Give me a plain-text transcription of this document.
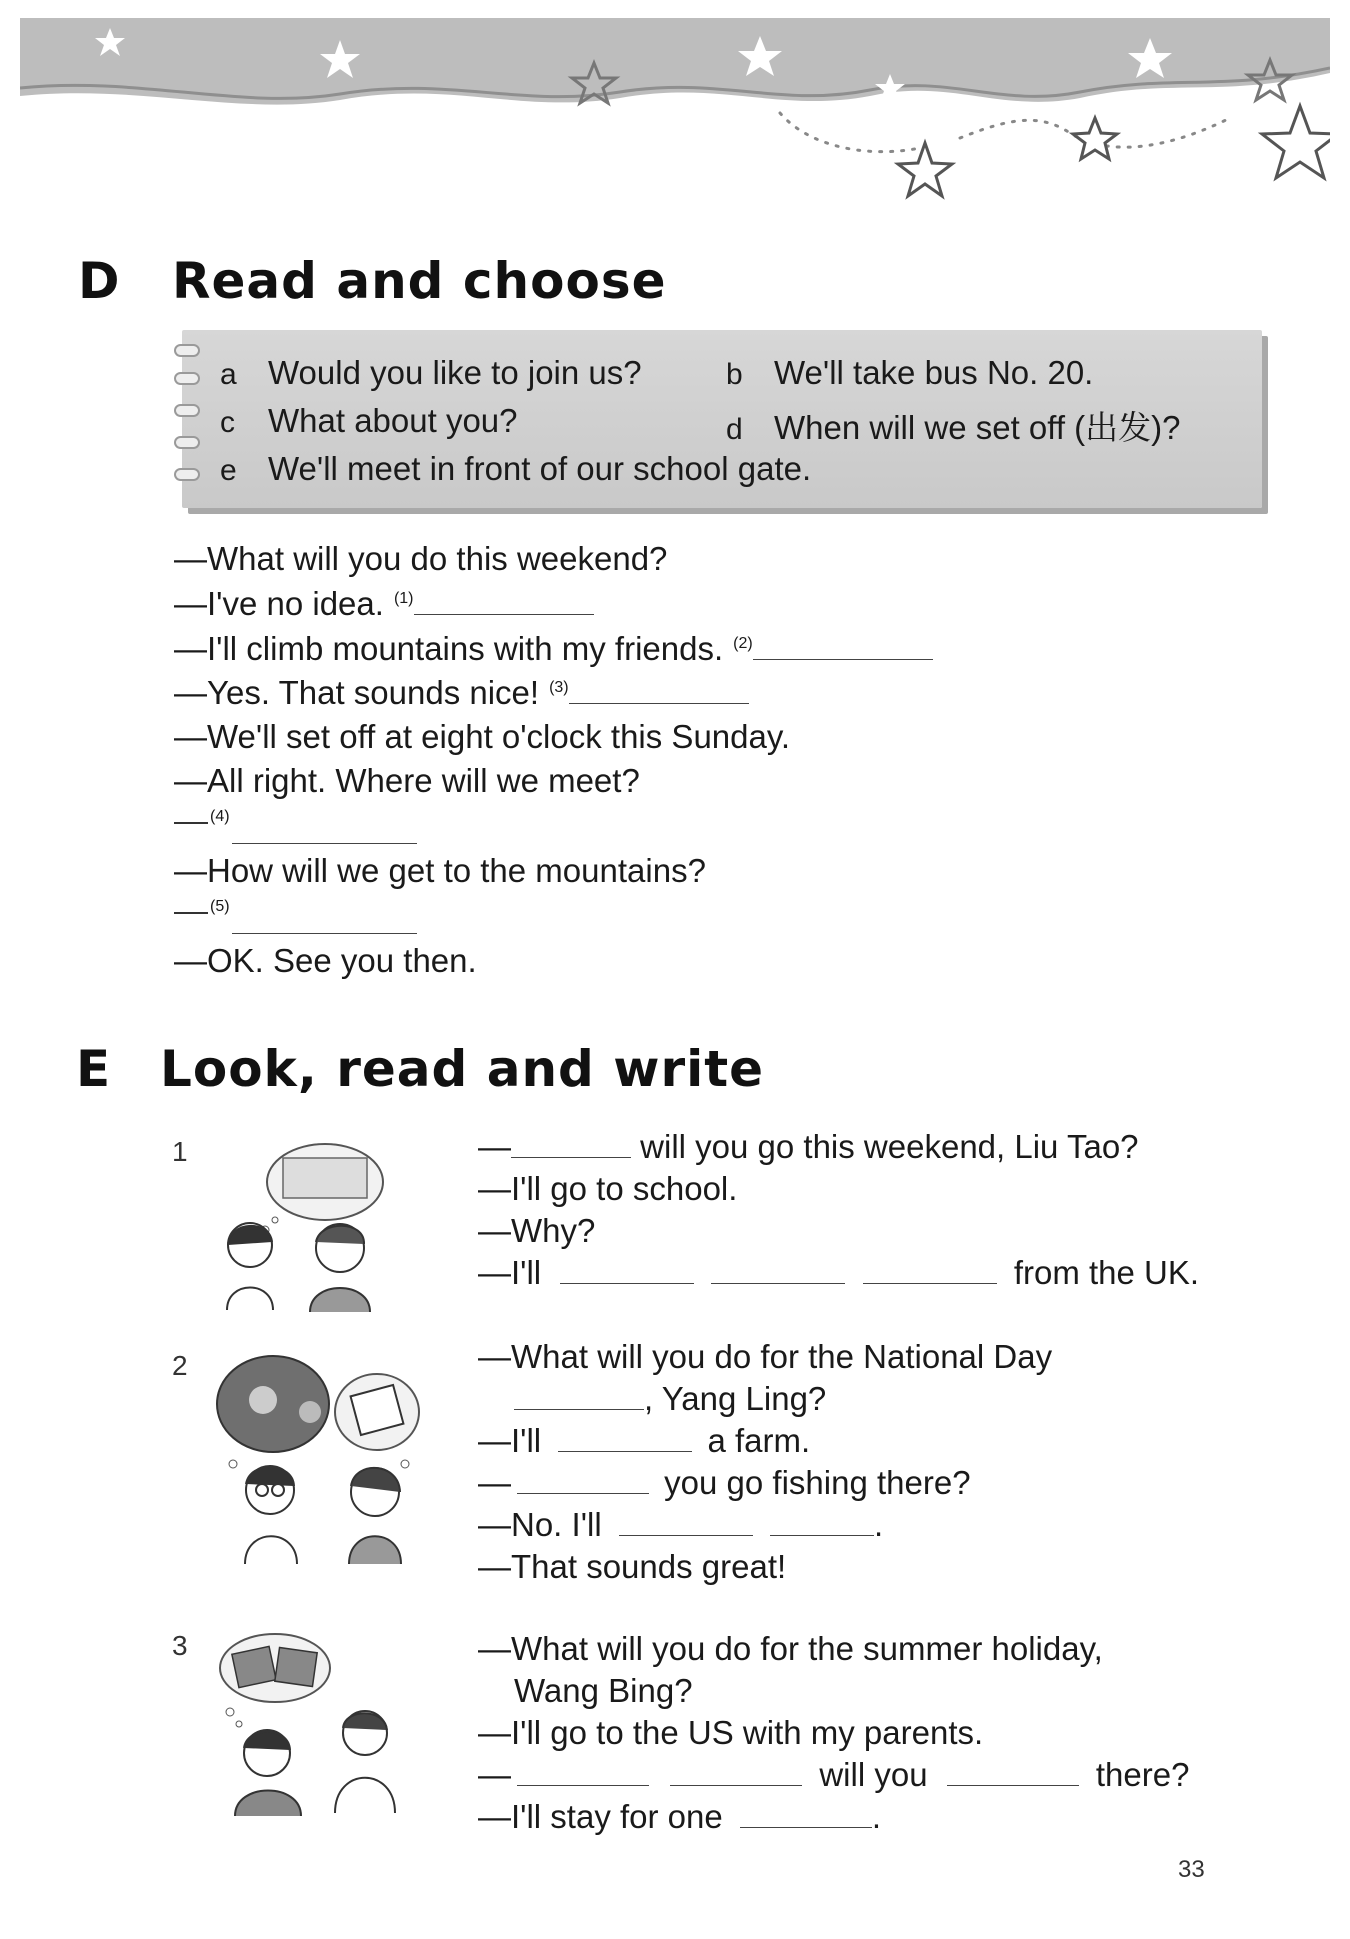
D Read and choose
a Would you like to join us?	b We'll take bus No. 20.
c What about you?	d When will we set off (出发)?
e We'll meet in front of our school gate.
—What will you do this weekend?
—I've no idea. $^{(1)}$
—I'll climb mountains with my friends. $^{(2)}$
—Yes. That sounds nice! $^{(3)}$
—We'll set off at eight o'clock this Sunday.
—All right. Where will we meet?
(4)
—How will we get to the mountains?
(5)
—OK. See you then.
E Look, read and write
1	—	will you go this weekend, Liu Tao?
—I'll go to school.
—Why?
—I'll	from the UK.
2	—What will you do for the National Day
, Yang Ling?
—I'll	a farm.
—	you go fishing there?
—No. I'll	.
—That sounds great!
3	—What will you do for the summer holiday,
Wang Bing?
—I'll go to the US with my parents.
—	will you	there?
—I'll stay for one	.
33
